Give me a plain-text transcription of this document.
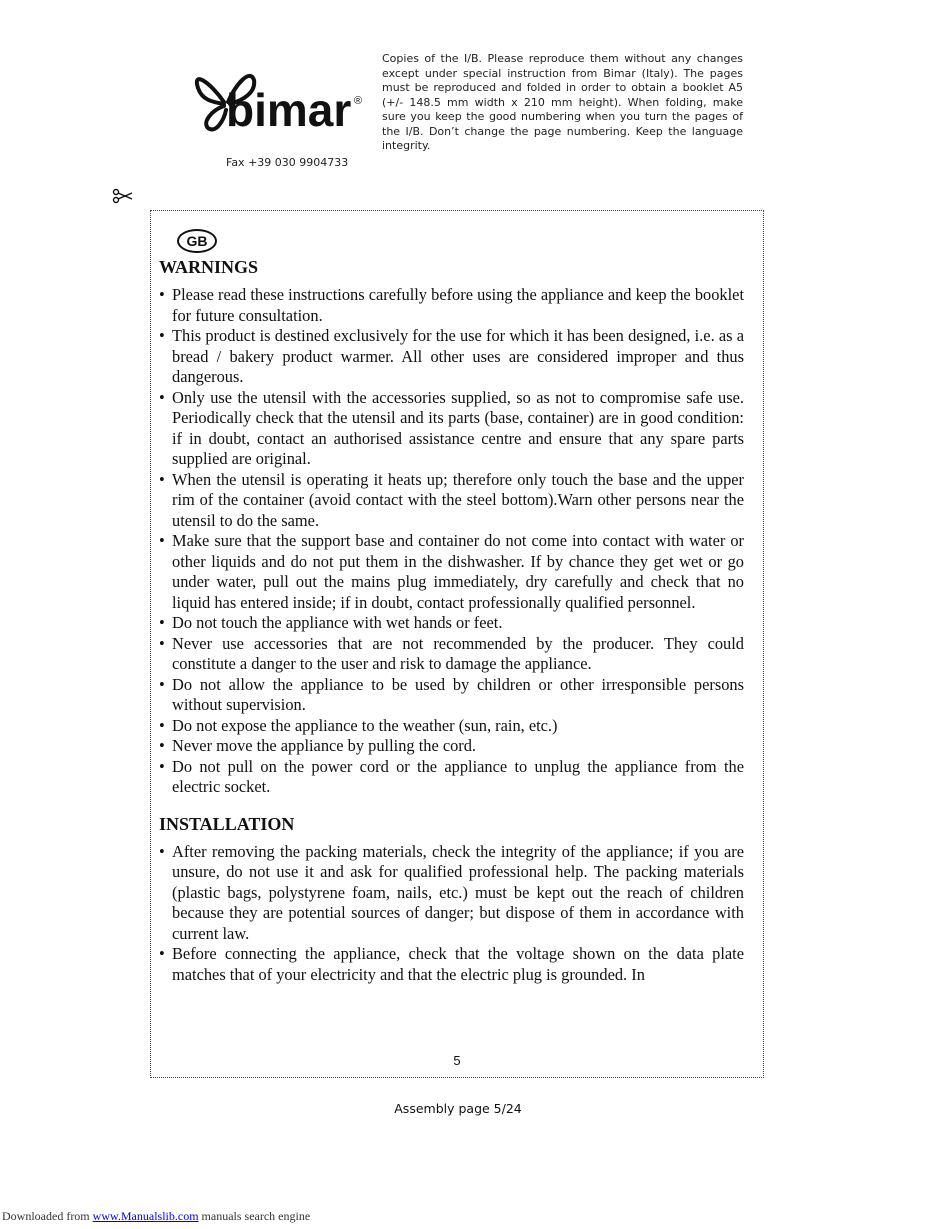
bimar ®
Fax +39 030 9904733
Copies of the I/B. Please reproduce them without any changes except under special instruction from Bimar (Italy). The pages must be reproduced and folded in order to obtain a booklet A5 (+/- 148.5 mm width x 210 mm height). When folding, make sure you keep the good numbering when you turn the pages of the I/B. Don’t change the page numbering. Keep the language integrity.
GB
WARNINGS
• Please read these instructions carefully before using the appliance and keep the booklet for future consultation.
• This product is destined exclusively for the use for which it has been designed, i.e. as a bread / bakery product warmer. All other uses are considered improper and thus dangerous.
• Only use the utensil with the accessories supplied, so as not to compromise safe use. Periodically check that the utensil and its parts (base, container) are in good condition: if in doubt, contact an authorised assistance centre and ensure that any spare parts supplied are original.
• When the utensil is operating it heats up; therefore only touch the base and the upper rim of the container (avoid contact with the steel bottom).Warn other persons near the utensil to do the same.
• Make sure that the support base and container do not come into contact with water or other liquids and do not put them in the dishwasher. If by chance they get wet or go under water, pull out the mains plug immediately, dry carefully and check that no liquid has entered inside; if in doubt, contact professionally qualified personnel.
• Do not touch the appliance with wet hands or feet.
• Never use accessories that are not recommended by the producer. They could constitute a danger to the user and risk to damage the appliance.
• Do not allow the appliance to be used by children or other irresponsible persons without supervision.
• Do not expose the appliance to the weather (sun, rain, etc.)
• Never move the appliance by pulling the cord.
• Do not pull on the power cord or the appliance to unplug the appliance from the electric socket.
INSTALLATION
• After removing the packing materials, check the integrity of the appliance; if you are unsure, do not use it and ask for qualified professional help. The packing materials (plastic bags, polystyrene foam, nails, etc.) must be kept out the reach of children because they are potential sources of danger; but dispose of them in accordance with current law.
• Before connecting the appliance, check that the voltage shown on the data plate matches that of your electricity and that the electric plug is grounded. In
5
Assembly page 5/24
Downloaded from www.Manualslib.com manuals search engine
